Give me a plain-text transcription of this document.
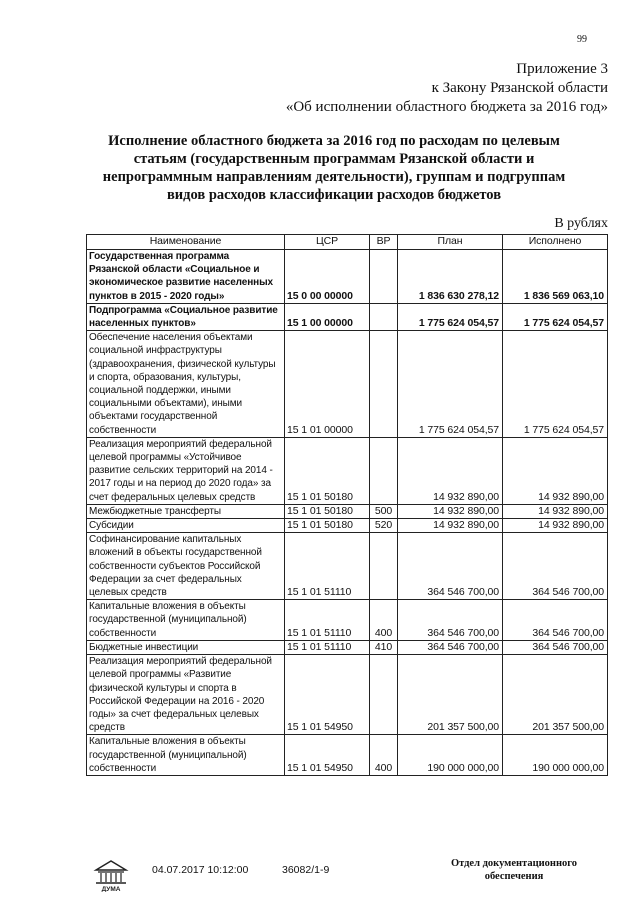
99
Приложение 3
к Закону Рязанской области
«Об исполнении областного бюджета за 2016 год»
Исполнение областного бюджета за 2016 год по расходам по целевым
статьям (государственным программам Рязанской области и
непрограммным направлениям деятельности), группам и подгруппам
видов расходов классификации расходов бюджетов
В рублях
Наименование	ЦСР	ВР	План	Исполнено
Государственная программа Рязанской области «Социальное и экономическое развитие населенных пунктов в 2015 - 2020 годы»	15 0 00 00000		1 836 630 278,12	1 836 569 063,10
Подпрограмма «Социальное развитие населенных пунктов»	15 1 00 00000		1 775 624 054,57	1 775 624 054,57
Обеспечение населения объектами социальной инфраструктуры (здравоохранения, физической культуры и спорта, образования, культуры, социальной поддержки, иными социальными объектами), иными объектами государственной собственности	15 1 01 00000		1 775 624 054,57	1 775 624 054,57
Реализация мероприятий федеральной целевой программы «Устойчивое развитие сельских территорий на 2014 - 2017 годы и на период до 2020 года» за счет федеральных целевых средств	15 1 01 50180		14 932 890,00	14 932 890,00
Межбюджетные трансферты	15 1 01 50180	500	14 932 890,00	14 932 890,00
Субсидии	15 1 01 50180	520	14 932 890,00	14 932 890,00
Софинансирование капитальных вложений в объекты государственной собственности субъектов Российской Федерации за счет федеральных целевых средств	15 1 01 51110		364 546 700,00	364 546 700,00
Капитальные вложения в объекты государственной (муниципальной) собственности	15 1 01 51110	400	364 546 700,00	364 546 700,00
Бюджетные инвестиции	15 1 01 51110	410	364 546 700,00	364 546 700,00
Реализация мероприятий федеральной целевой программы «Развитие физической культуры и спорта в Российской Федерации на 2016 - 2020 годы» за счет федеральных целевых средств	15 1 01 54950		201 357 500,00	201 357 500,00
Капитальные вложения в объекты государственной (муниципальной) собственности	15 1 01 54950	400	190 000 000,00	190 000 000,00
ДУМА
04.07.2017 10:12:00	36082/1-9
Отдел документационного
обеспечения
